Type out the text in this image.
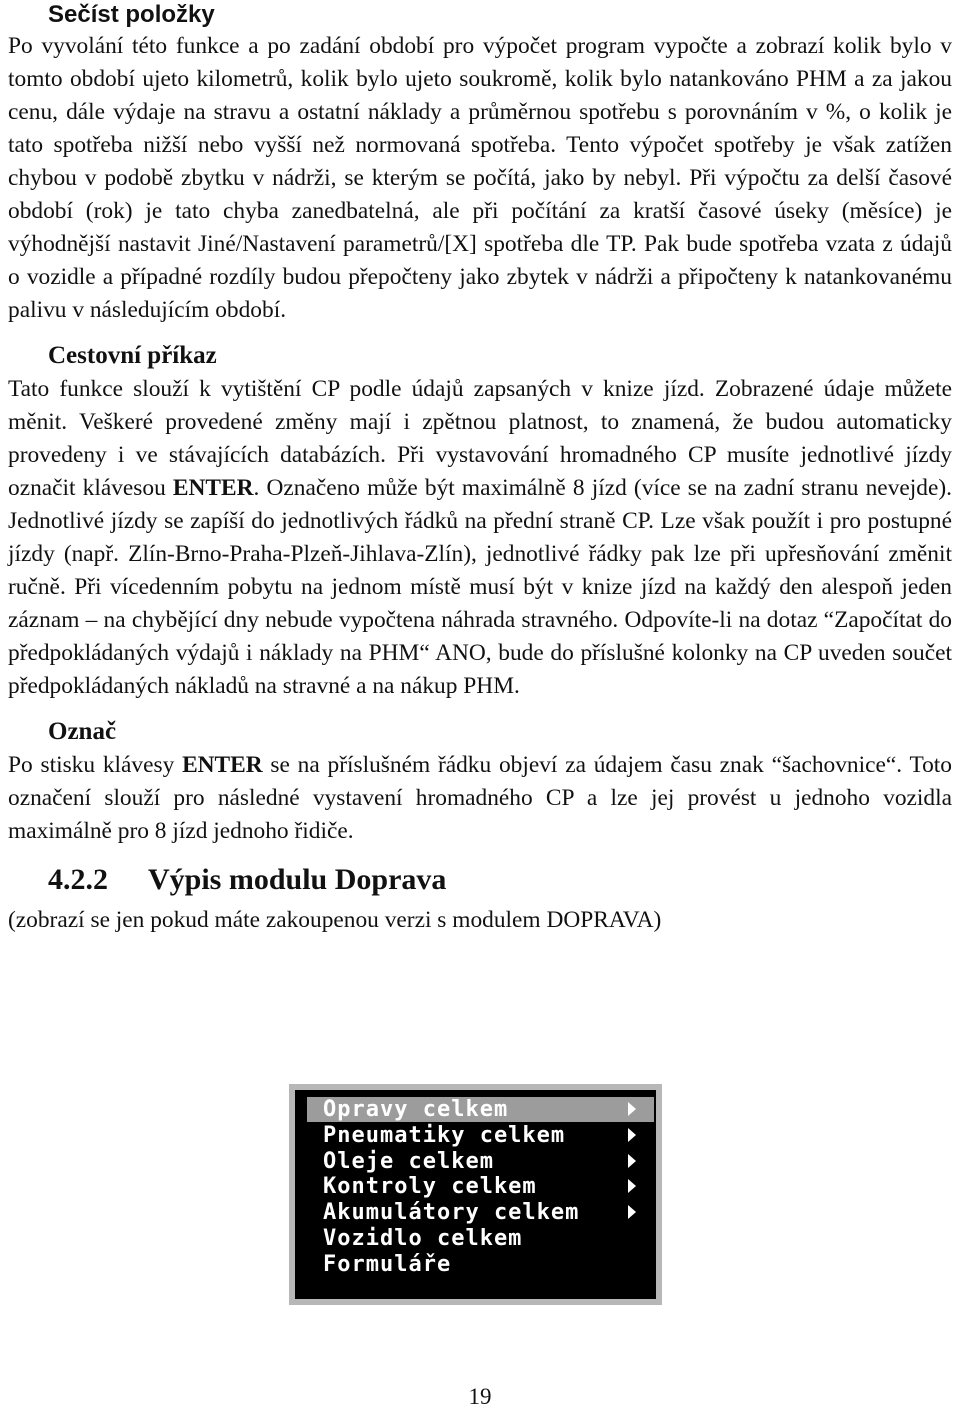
Sečíst položky

Po vyvolání této funkce a po zadání období pro výpočet program vypočte a zobrazí kolik bylo v tomto období ujeto kilometrů, kolik bylo ujeto soukromě, kolik bylo natankováno PHM a za jakou cenu, dále výdaje na stravu a ostatní náklady a průměrnou spotřebu s porovnáním v %, o kolik je tato spotřeba nižší nebo vyšší než normovaná spotřeba. Tento výpočet spotřeby je však zatížen chybou v podobě zbytku v nádrži, se kterým se počítá, jako by nebyl. Při výpočtu za delší časové období (rok) je tato chyba zanedbatelná, ale při počítání za kratší časové úseky (měsíce) je výhodnější nastavit Jiné/Nastavení parametrů/[X] spotřeba dle TP. Pak bude spotřeba vzata z údajů o vozidle a případné rozdíly budou přepočteny jako zbytek v nádrži a připočteny k natankovanému palivu v následujícím období.

Cestovní příkaz

Tato funkce slouží k vytištění CP podle údajů zapsaných v knize jízd. Zobrazené údaje můžete měnit. Veškeré provedené změny mají i zpětnou platnost, to znamená, že budou automaticky provedeny i ve stávajících databázích. Při vystavování hromadného CP musíte jednotlivé jízdy označit klávesou ENTER. Označeno může být maximálně 8 jízd (více se na zadní stranu nevejde). Jednotlivé jízdy se zapíší do jednotlivých řádků na přední straně CP. Lze však použít i pro postupné jízdy (např. Zlín-Brno-Praha-Plzeň-Jihlava-Zlín), jednotlivé řádky pak lze při upřesňování změnit ručně. Při vícedenním pobytu na jednom místě musí být v knize jízd na každý den alespoň jeden záznam – na chybějící dny nebude vypočtena náhrada stravného. Odpovíte-li na dotaz “Započítat do předpokládaných výdajů i náklady na PHM“ ANO, bude do příslušné kolonky na CP uveden součet předpokládaných nákladů na stravné a na nákup PHM.

Označ

Po stisku klávesy ENTER se na příslušném řádku objeví za údajem času znak “šachovnice“. Toto označení slouží pro následné vystavení hromadného CP a lze jej provést u jednoho vozidla maximálně pro 8 jízd jednoho řidiče.

4.2.2 Výpis modulu Doprava

(zobrazí se jen pokud máte zakoupenou verzi s modulem DOPRAVA)

Opravy celkem
Pneumatiky celkem
Oleje celkem
Kontroly celkem
Akumulátory celkem
Vozidlo celkem
Formuláře
19
